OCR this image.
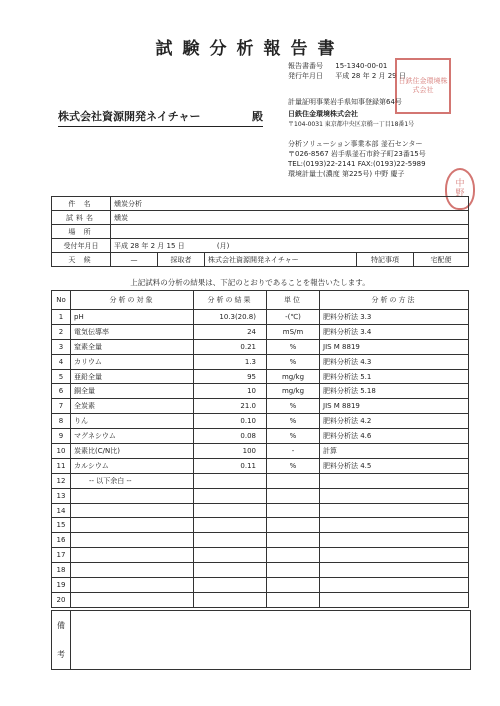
試験分析報告書
報告書番号 15-1340-00-01
発行年月日 平成 28 年 2 月 29 日
日鉄住金環境株式会社
計量証明事業岩手県知事登録第64号
日鉄住金環境株式会社
〒104-0031 東京都中央区京橋一丁目18番1号
分析ソリューション事業本部 釜石センター
〒026-8567 岩手県釜石市鈴子町23番15号
TEL:(0193)22-2141 FAX:(0193)22-5989
環境計量士(濃度 第225号) 中野 慶子
中
野
株式会社資源開発ネイチャー	殿
件 名	燻炭分析				
試料名	燻炭				
場 所					
受付年月日	平成 28 年 2 月 15 日 (月)				
天 候	—	採取者	株式会社資源開発ネイチャー	特記事項	宅配便
上記試料の分析の結果は、下記のとおりであることを報告いたします。
No	分析の対象	分析の結果	単位	分析の方法
1	pH	10.3(20.8)	-(℃)	肥料分析法 3.3
2	電気伝導率	24	mS/m	肥料分析法 3.4
3	窒素全量	0.21	%	JIS M 8819
4	カリウム	1.3	%	肥料分析法 4.3
5	亜鉛全量	95	mg/kg	肥料分析法 5.1
6	銅全量	10	mg/kg	肥料分析法 5.18
7	全炭素	21.0	%	JIS M 8819
8	りん	0.10	%	肥料分析法 4.2
9	マグネシウム	0.08	%	肥料分析法 4.6
10	炭素比(C/N比)	100	-	計算
11	カルシウム	0.11	%	肥料分析法 4.5
12	-- 以下余白 --			
13				
14				
15				
16				
17				
18				
19				
20				
備
考
